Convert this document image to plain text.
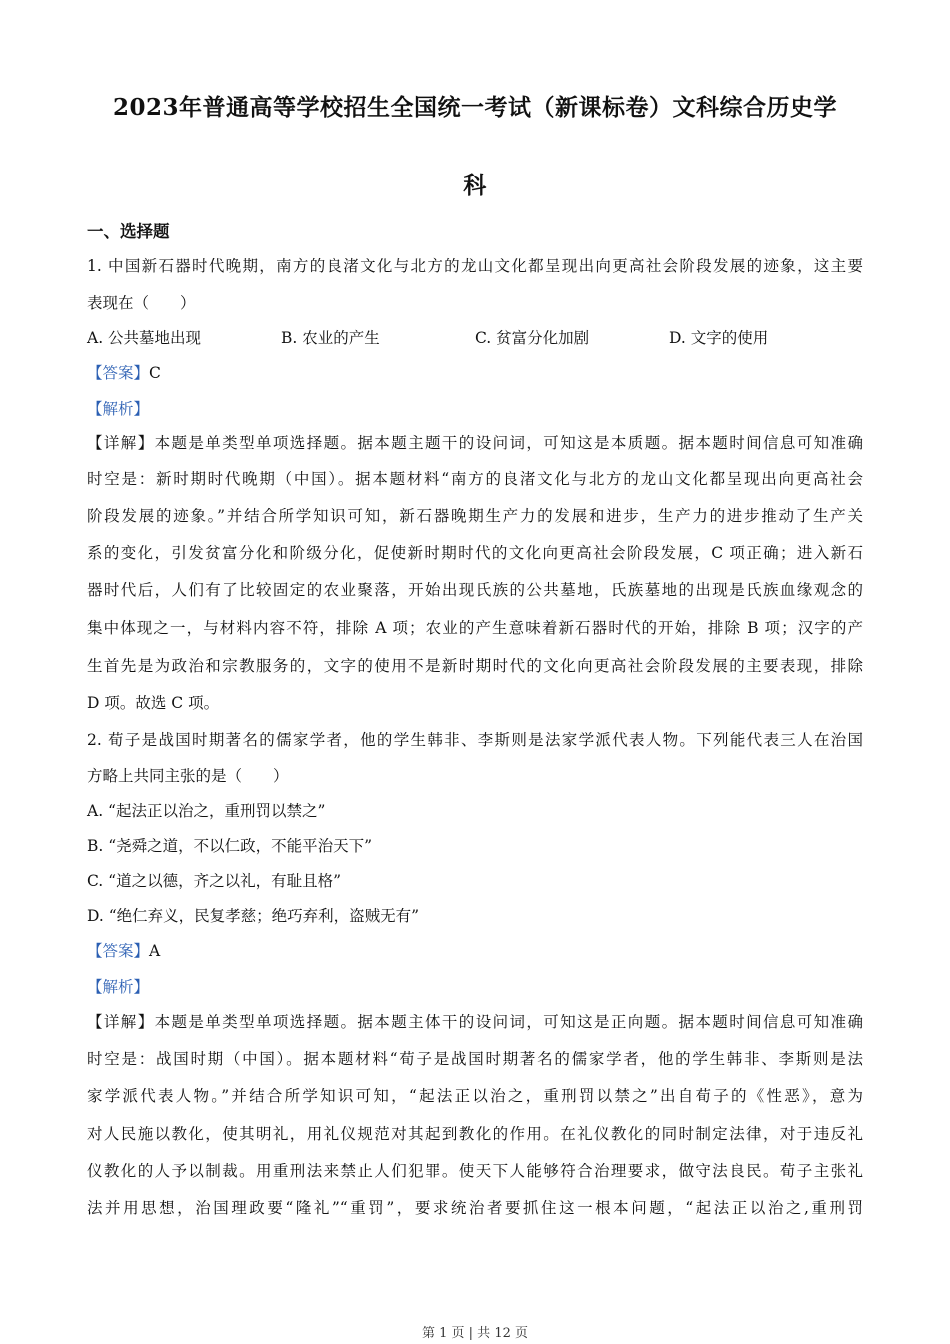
2023年普通高等学校招生全国统一考试（新课标卷）文科综合历史学
科
一、选择题
1. 中国新石器时代晚期，南方的良渚文化与北方的龙山文化都呈现出向更高社会阶段发展的迹象，这主要
表现在（　　）
A. 公共墓地出现	B. 农业的产生	C. 贫富分化加剧	D. 文字的使用
【答案】C
【解析】
【详解】本题是单类型单项选择题。据本题主题干的设问词，可知这是本质题。据本题时间信息可知准确
时空是：新时期时代晚期（中国）。据本题材料“南方的良渚文化与北方的龙山文化都呈现出向更高社会
阶段发展的迹象。”并结合所学知识可知，新石器晚期生产力的发展和进步，生产力的进步推动了生产关
系的变化，引发贫富分化和阶级分化，促使新时期时代的文化向更高社会阶段发展，C 项正确；进入新石
器时代后，人们有了比较固定的农业聚落，开始出现氏族的公共墓地，氏族墓地的出现是氏族血缘观念的
集中体现之一，与材料内容不符，排除 A 项；农业的产生意味着新石器时代的开始，排除 B 项；汉字的产
生首先是为政治和宗教服务的，文字的使用不是新时期时代的文化向更高社会阶段发展的主要表现，排除
D 项。故选 C 项。
2. 荀子是战国时期著名的儒家学者，他的学生韩非、李斯则是法家学派代表人物。下列能代表三人在治国
方略上共同主张的是（　　）
A. “起法正以治之，重刑罚以禁之”
B. “尧舜之道，不以仁政，不能平治天下”
C. “道之以德，齐之以礼，有耻且格”
D. “绝仁弃义，民复孝慈；绝巧弃利，盗贼无有”
【答案】A
【解析】
【详解】本题是单类型单项选择题。据本题主体干的设问词，可知这是正向题。据本题时间信息可知准确
时空是：战国时期（中国）。据本题材料“荀子是战国时期著名的儒家学者，他的学生韩非、李斯则是法
家学派代表人物。”并结合所学知识可知，“起法正以治之，重刑罚以禁之”出自荀子的《性恶》，意为
对人民施以教化，使其明礼，用礼仪规范对其起到教化的作用。在礼仪教化的同时制定法律，对于违反礼
仪教化的人予以制裁。用重刑法来禁止人们犯罪。使天下人能够符合治理要求，做守法良民。荀子主张礼
法并用思想，治国理政要“隆礼”“重罚”，要求统治者要抓住这一根本问题，“起法正以治之,重刑罚
第 1 页 | 共 12 页
